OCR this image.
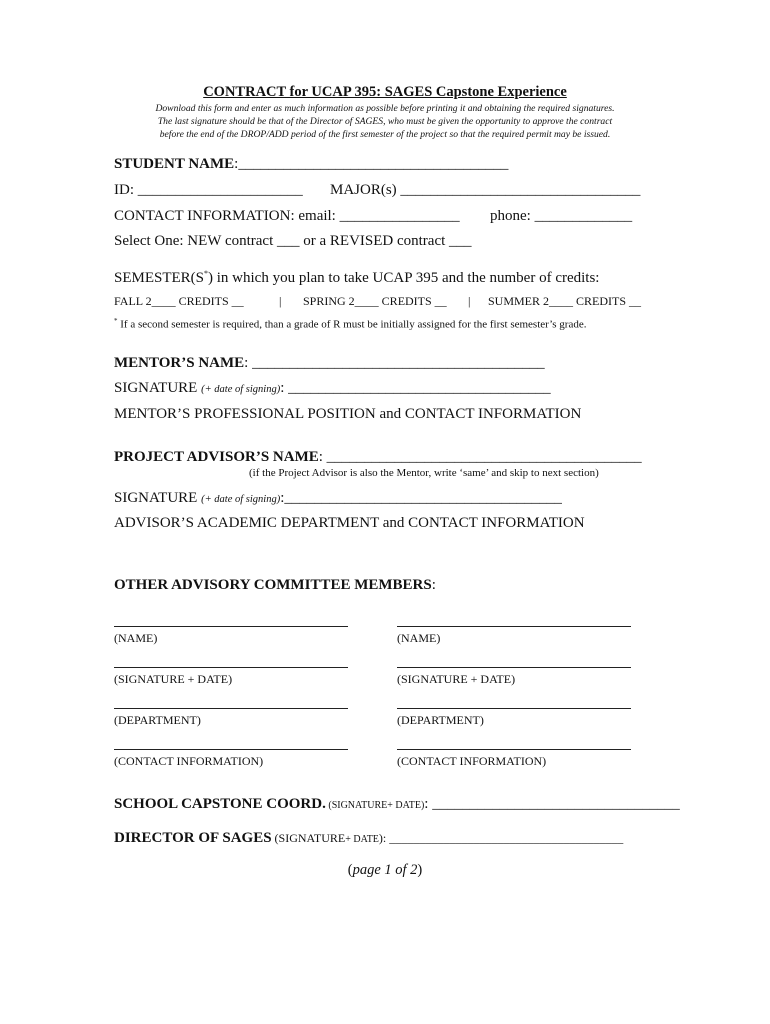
CONTRACT for UCAP 395: SAGES Capstone Experience
Download this form and enter as much information as possible before printing it and obtaining the required signatures.
The last signature should be that of the Director of SAGES, who must be given the opportunity to approve the contract
before the end of the DROP/ADD period of the first semester of the project so that the required permit may be issued.
STUDENT NAME:____________________________________
ID: ______________________ MAJOR(s) ________________________________
CONTACT INFORMATION: email: ________________ phone: _____________
Select One: NEW contract ___ or a REVISED contract ___
SEMESTER(S*) in which you plan to take UCAP 395 and the number of credits:
FALL 2____ CREDITS __	| SPRING 2____ CREDITS __ | SUMMER 2____ CREDITS __
* If a second semester is required, than a grade of R must be initially assigned for the first semester’s grade.
MENTOR’S NAME: _______________________________________
SIGNATURE (+ date of signing): ___________________________________
MENTOR’S PROFESSIONAL POSITION and CONTACT INFORMATION
PROJECT ADVISOR’S NAME: __________________________________________
(if the Project Advisor is also the Mentor, write ‘same’ and skip to next section)
SIGNATURE (+ date of signing):_____________________________________
ADVISOR’S ACADEMIC DEPARTMENT and CONTACT INFORMATION
OTHER ADVISORY COMMITTEE MEMBERS:
(NAME)
(SIGNATURE + DATE)
(DEPARTMENT)
(CONTACT INFORMATION)
(NAME)
(SIGNATURE + DATE)
(DEPARTMENT)
(CONTACT INFORMATION)
SCHOOL CAPSTONE COORD. (SIGNATURE+ DATE): _________________________________
DIRECTOR OF SAGES (SIGNATURE+ DATE): _______________________________________
(page 1 of 2)
